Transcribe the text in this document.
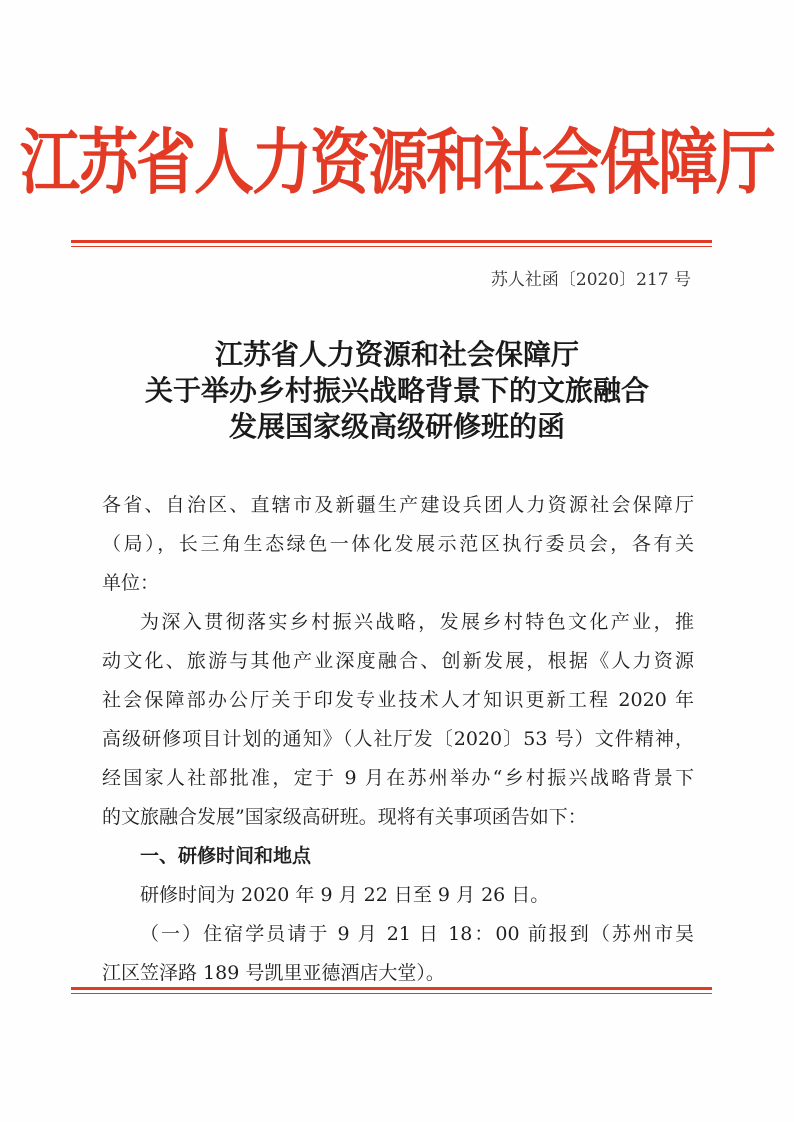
江苏省人力资源和社会保障厅
苏人社函〔2020〕217 号
江苏省人力资源和社会保障厅
关于举办乡村振兴战略背景下的文旅融合
发展国家级高级研修班的函
各省、自治区、直辖市及新疆生产建设兵团人力资源社会保障厅
（局），长三角生态绿色一体化发展示范区执行委员会，各有关
单位：
为深入贯彻落实乡村振兴战略，发展乡村特色文化产业，推
动文化、旅游与其他产业深度融合、创新发展，根据《人力资源
社会保障部办公厅关于印发专业技术人才知识更新工程 2020 年
高级研修项目计划的通知》（人社厅发〔2020〕53 号）文件精神，
经国家人社部批准，定于 9 月在苏州举办“乡村振兴战略背景下
的文旅融合发展”国家级高研班。现将有关事项函告如下：
一、研修时间和地点
研修时间为 2020 年 9 月 22 日至 9 月 26 日。
（一）住宿学员请于 9 月 21 日 18：00 前报到（苏州市吴
江区笠泽路 189 号凯里亚德酒店大堂）。
